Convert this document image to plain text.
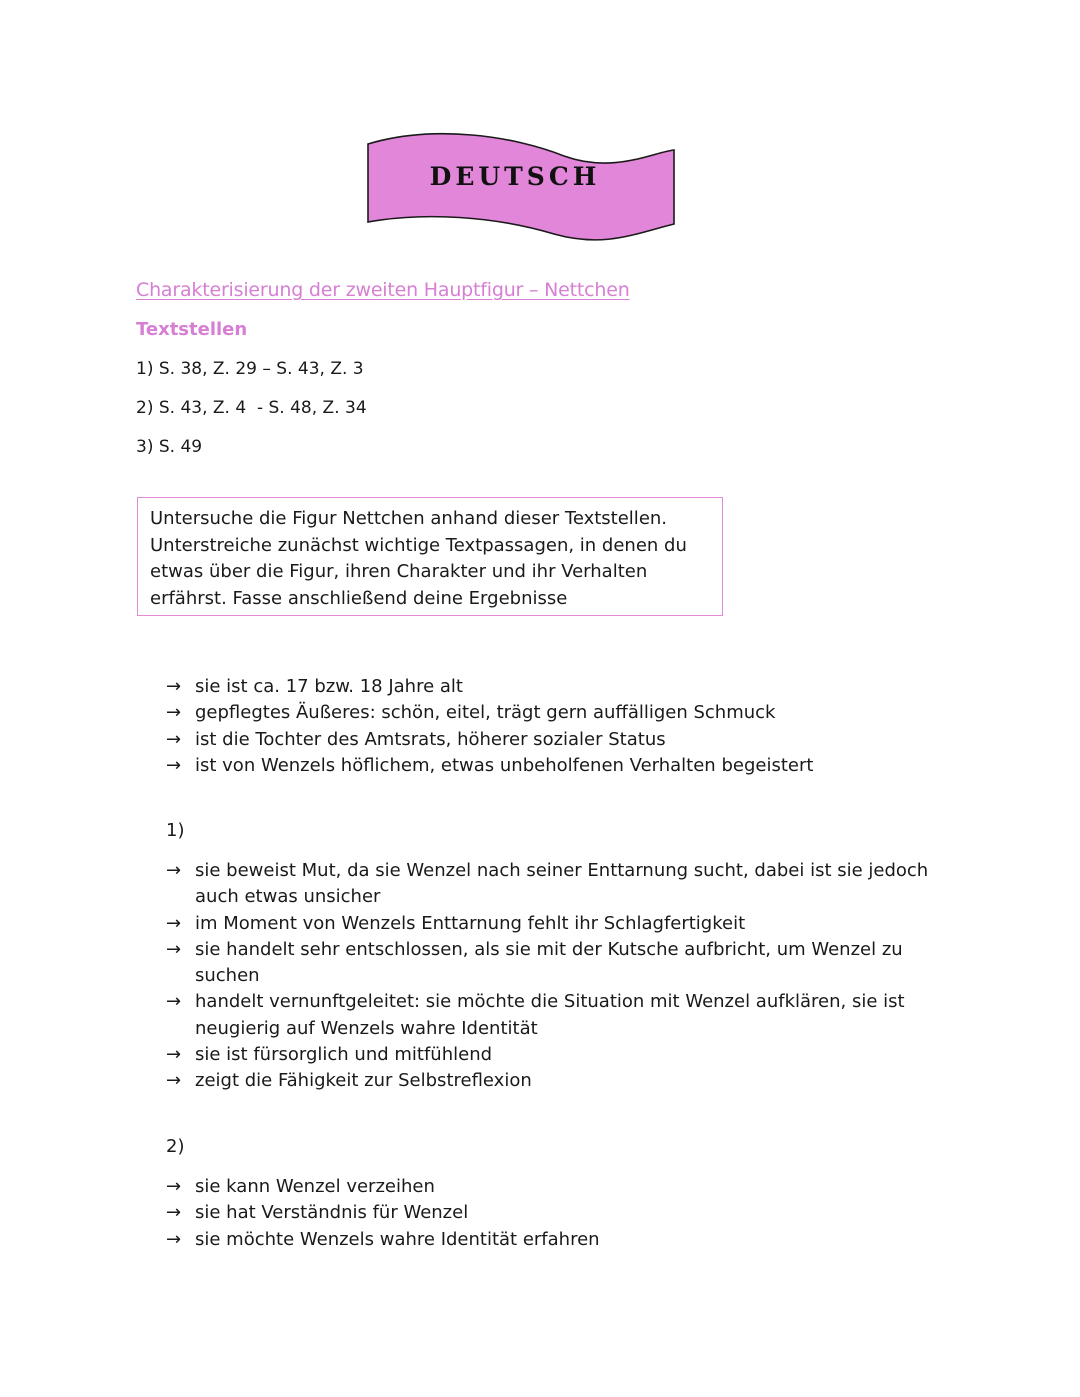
DEUTSCH
Charakterisierung der zweiten Hauptfigur – Nettchen
Textstellen
1) S. 38, Z. 29 – S. 43, Z. 3
2) S. 43, Z. 4  - S. 48, Z. 34
3) S. 49
Untersuche die Figur Nettchen anhand dieser Textstellen. Unterstreiche zunächst wichtige Textpassagen, in denen du etwas über die Figur, ihren Charakter und ihr Verhalten erfährst. Fasse anschließend deine Ergebnisse
→ sie ist ca. 17 bzw. 18 Jahre alt
→ gepflegtes Äußeres: schön, eitel, trägt gern auffälligen Schmuck
→ ist die Tochter des Amtsrats, höherer sozialer Status
→ ist von Wenzels höflichem, etwas unbeholfenen Verhalten begeistert
1)
→ sie beweist Mut, da sie Wenzel nach seiner Enttarnung sucht, dabei ist sie jedoch auch etwas unsicher
→ im Moment von Wenzels Enttarnung fehlt ihr Schlagfertigkeit
→ sie handelt sehr entschlossen, als sie mit der Kutsche aufbricht, um Wenzel zu suchen
→ handelt vernunftgeleitet: sie möchte die Situation mit Wenzel aufklären, sie ist neugierig auf Wenzels wahre Identität
→ sie ist fürsorglich und mitfühlend
→ zeigt die Fähigkeit zur Selbstreflexion
2)
→ sie kann Wenzel verzeihen
→ sie hat Verständnis für Wenzel
→ sie möchte Wenzels wahre Identität erfahren
